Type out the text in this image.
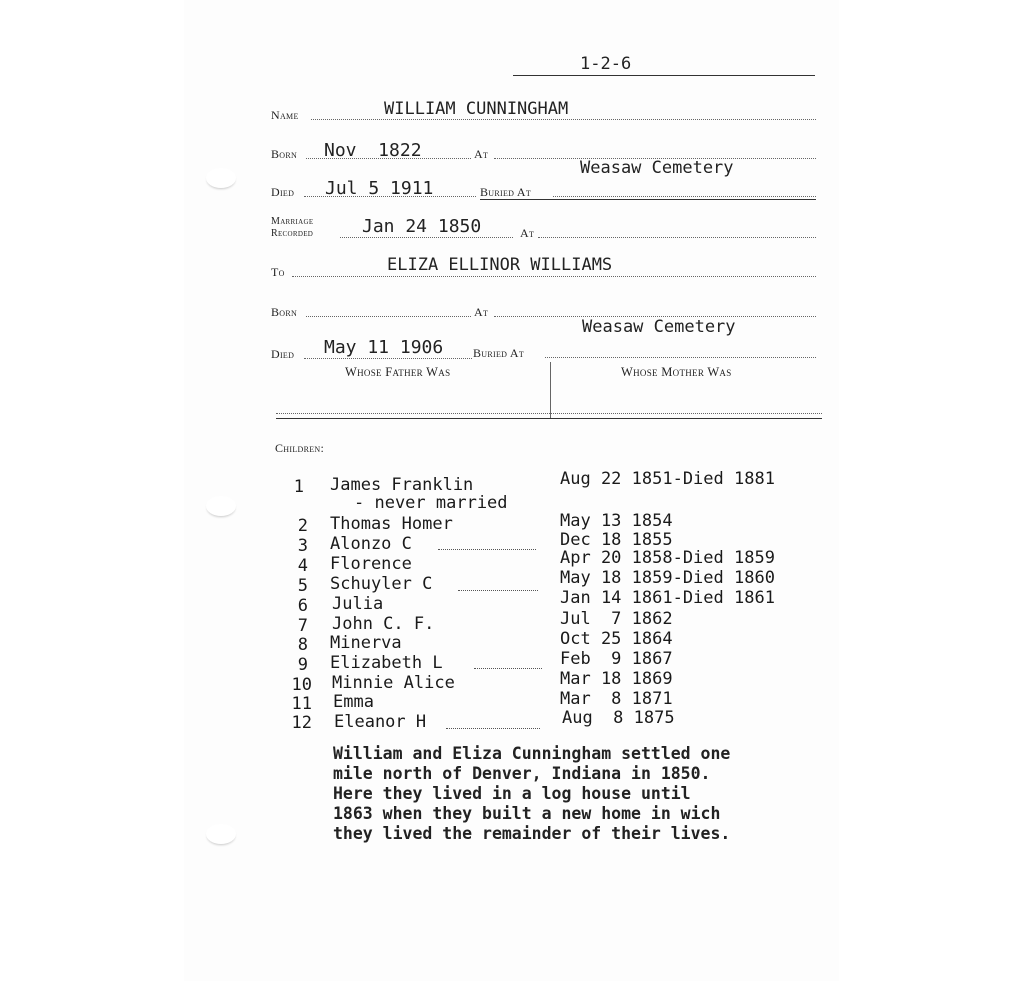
1-2-6
Name	WILLIAM CUNNINGHAM
Born Nov  1822	At
Weasaw Cemetery
Died Jul 5 1911	Buried At
Marriage
Recorded	Jan 24 1850	At
To	ELIZA ELLINOR WILLIAMS
Born	At
Weasaw Cemetery
Died May 11 1906 Buried At
Whose Father Was	Whose Mother Was
Children:
1 James Franklin	Aug 22 1851-Died 1881
- never married
2 Thomas Homer	May 13 1854
3 Alonzo C	Dec 18 1855
4 Florence	Apr 20 1858-Died 1859
5 Schuyler C	May 18 1859-Died 1860
6 Julia	Jan 14 1861-Died 1861
7 John C. F.	Jul  7 1862
8 Minerva	Oct 25 1864
9 Elizabeth L	Feb  9 1867
10 Minnie Alice	Mar 18 1869
11 Emma	Mar  8 1871
12 Eleanor H	Aug  8 1875
William and Eliza Cunningham settled one
mile north of Denver, Indiana in 1850.
Here they lived in a log house until
1863 when they built a new home in wich
they lived the remainder of their lives.
